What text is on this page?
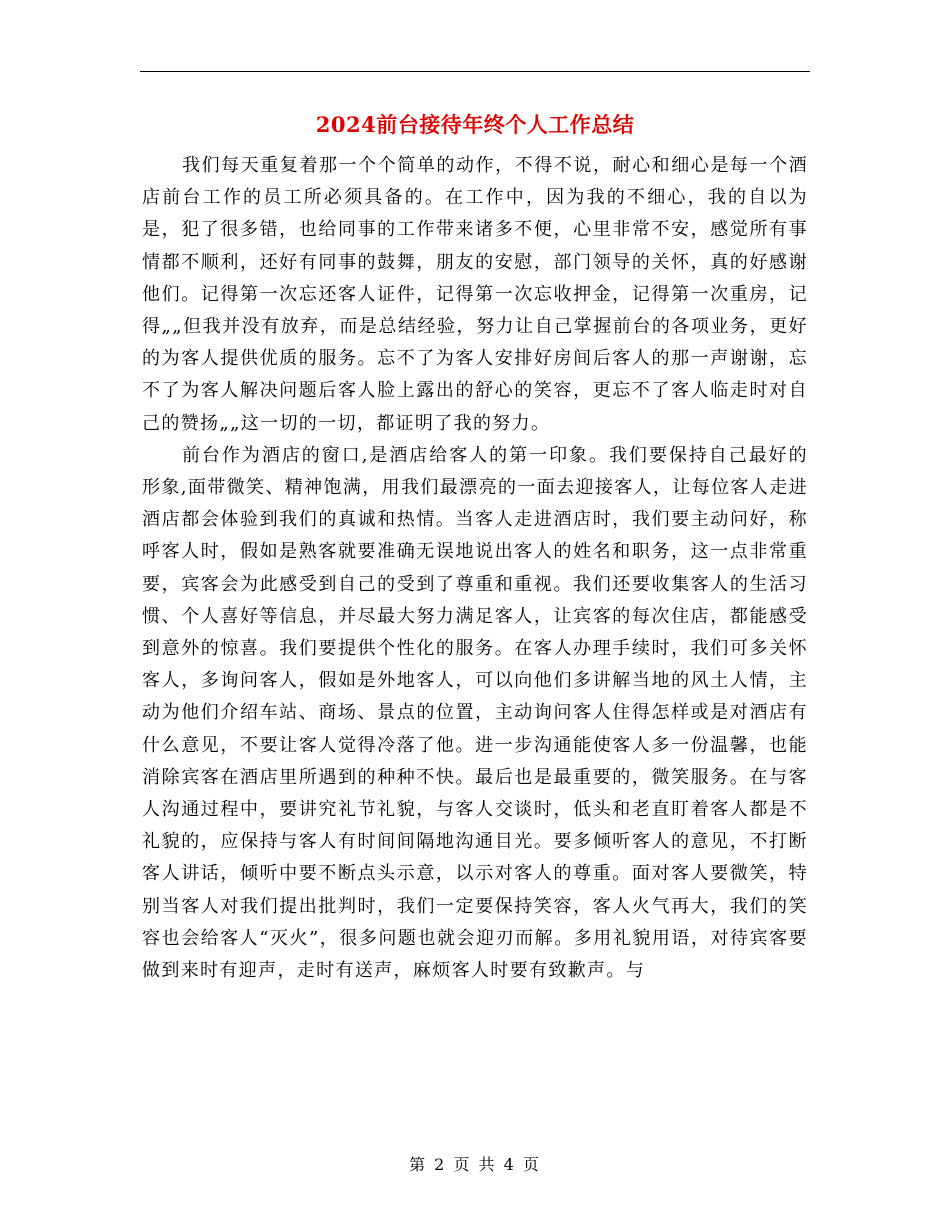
2024前台接待年终个人工作总结

我们每天重复着那一个个简单的动作，不得不说，耐心和细心是每一个酒店前台工作的员工所必须具备的。在工作中，因为我的不细心，我的自以为是，犯了很多错，也给同事的工作带来诸多不便，心里非常不安，感觉所有事情都不顺利，还好有同事的鼓舞，朋友的安慰，部门领导的关怀，真的好感谢他们。记得第一次忘还客人证件，记得第一次忘收押金，记得第一次重房，记得„„但我并没有放弃，而是总结经验，努力让自己掌握前台的各项业务，更好的为客人提供优质的服务。忘不了为客人安排好房间后客人的那一声谢谢，忘不了为客人解决问题后客人脸上露出的舒心的笑容，更忘不了客人临走时对自己的赞扬„„这一切的一切，都证明了我的努力。

前台作为酒店的窗口,是酒店给客人的第一印象。我们要保持自己最好的形象,面带微笑、精神饱满，用我们最漂亮的一面去迎接客人，让每位客人走进酒店都会体验到我们的真诚和热情。当客人走进酒店时，我们要主动问好，称呼客人时，假如是熟客就要准确无误地说出客人的姓名和职务，这一点非常重要，宾客会为此感受到自己的受到了尊重和重视。我们还要收集客人的生活习惯、个人喜好等信息，并尽最大努力满足客人，让宾客的每次住店，都能感受到意外的惊喜。我们要提供个性化的服务。在客人办理手续时，我们可多关怀客人，多询问客人，假如是外地客人，可以向他们多讲解当地的风土人情，主动为他们介绍车站、商场、景点的位置，主动询问客人住得怎样或是对酒店有什么意见，不要让客人觉得冷落了他。进一步沟通能使客人多一份温馨，也能消除宾客在酒店里所遇到的种种不快。最后也是最重要的，微笑服务。在与客人沟通过程中，要讲究礼节礼貌，与客人交谈时，低头和老直盯着客人都是不礼貌的，应保持与客人有时间间隔地沟通目光。要多倾听客人的意见，不打断客人讲话，倾听中要不断点头示意，以示对客人的尊重。面对客人要微笑，特别当客人对我们提出批判时，我们一定要保持笑容，客人火气再大，我们的笑容也会给客人“灭火”，很多问题也就会迎刃而解。多用礼貌用语，对待宾客要做到来时有迎声，走时有送声，麻烦客人时要有致歉声。与

第 2 页 共 4 页
